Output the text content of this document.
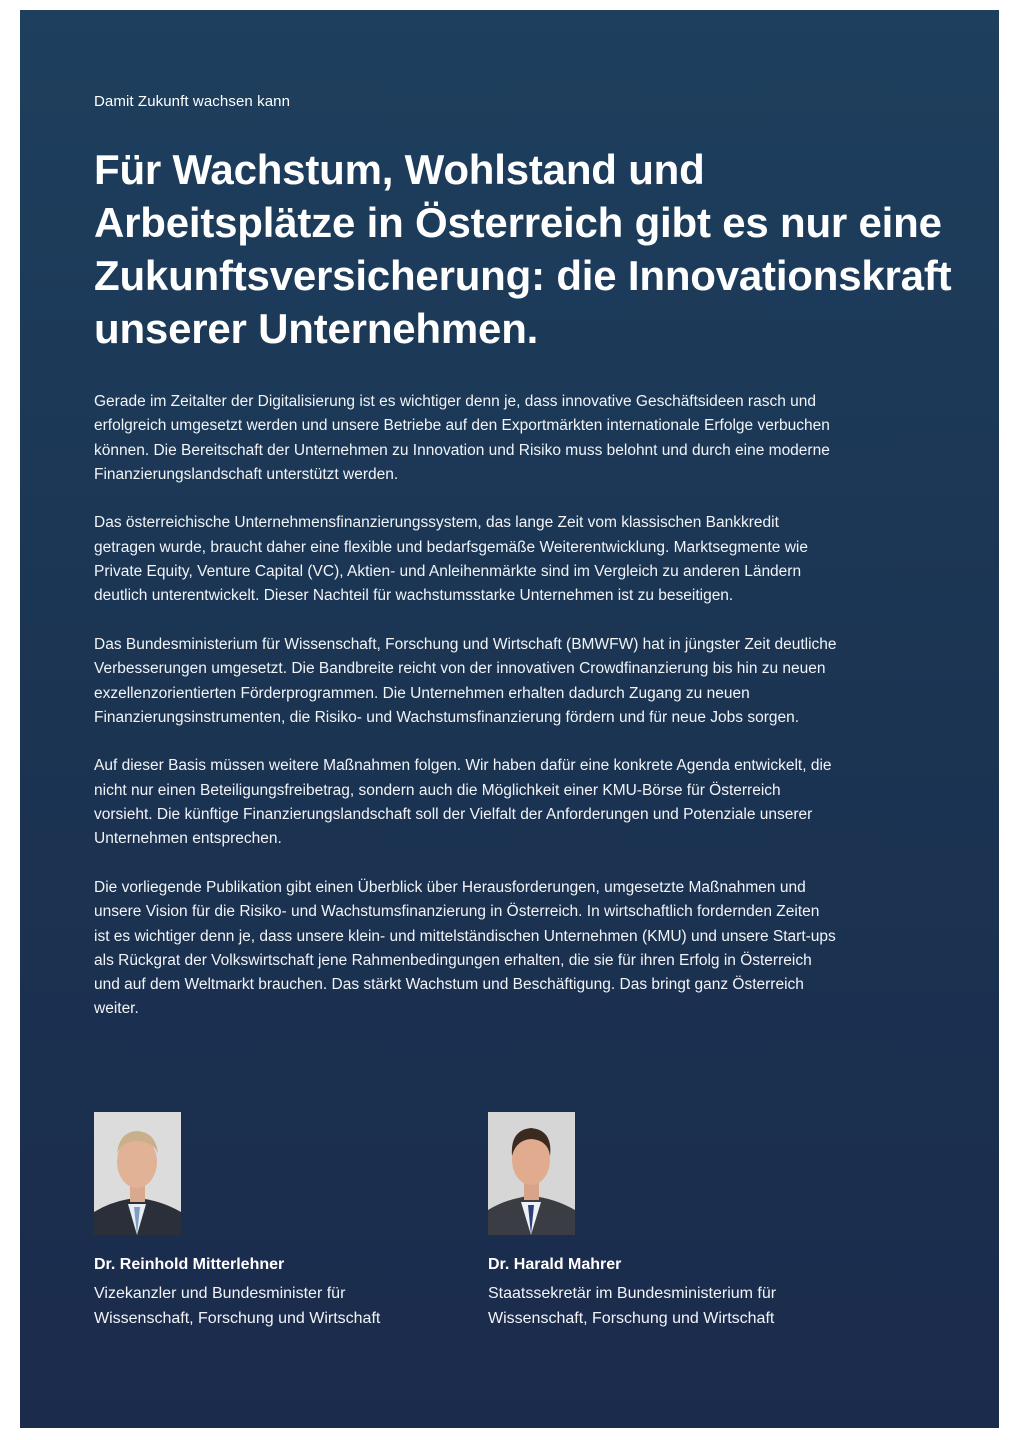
Damit Zukunft wachsen kann

Für Wachstum, Wohlstand und Arbeitsplätze in Österreich gibt es nur eine Zukunftsversicherung: die Innovationskraft unserer Unternehmen.

Gerade im Zeitalter der Digitalisierung ist es wichtiger denn je, dass innovative Geschäftsideen rasch und erfolgreich umgesetzt werden und unsere Betriebe auf den Exportmärkten internationale Erfolge verbuchen können. Die Bereitschaft der Unternehmen zu Innovation und Risiko muss belohnt und durch eine moderne Finanzierungslandschaft unterstützt werden.

Das österreichische Unternehmensfinanzierungssystem, das lange Zeit vom klassischen Bankkredit getragen wurde, braucht daher eine flexible und bedarfsgemäße Weiterentwicklung. Marktsegmente wie Private Equity, Venture Capital (VC), Aktien- und Anleihenmärkte sind im Vergleich zu anderen Ländern deutlich unterentwickelt. Dieser Nachteil für wachstumsstarke Unternehmen ist zu beseitigen.

Das Bundesministerium für Wissenschaft, Forschung und Wirtschaft (BMWFW) hat in jüngster Zeit deutliche Verbesserungen umgesetzt. Die Bandbreite reicht von der innovativen Crowdfinanzierung bis hin zu neuen exzellenzorientierten Förderprogrammen. Die Unternehmen erhalten dadurch Zugang zu neuen Finanzierungsinstrumenten, die Risiko- und Wachstumsfinanzierung fördern und für neue Jobs sorgen.

Auf dieser Basis müssen weitere Maßnahmen folgen. Wir haben dafür eine konkrete Agenda entwickelt, die nicht nur einen Beteiligungsfreibetrag, sondern auch die Möglichkeit einer KMU-Börse für Österreich vorsieht. Die künftige Finanzierungslandschaft soll der Vielfalt der Anforderungen und Potenziale unserer Unternehmen entsprechen.

Die vorliegende Publikation gibt einen Überblick über Herausforderungen, umgesetzte Maßnahmen und unsere Vision für die Risiko- und Wachstumsfinanzierung in Österreich. In wirtschaftlich fordernden Zeiten ist es wichtiger denn je, dass unsere klein- und mittelständischen Unternehmen (KMU) und unsere Start-ups als Rückgrat der Volkswirtschaft jene Rahmenbedingungen erhalten, die sie für ihren Erfolg in Österreich und auf dem Weltmarkt brauchen. Das stärkt Wachstum und Beschäftigung. Das bringt ganz Österreich weiter.

Dr. Reinhold Mitterlehner

Vizekanzler und Bundesminister für
Wissenschaft, Forschung und Wirtschaft

Dr. Harald Mahrer

Staatssekretär im Bundesministerium für
Wissenschaft, Forschung und Wirtschaft
